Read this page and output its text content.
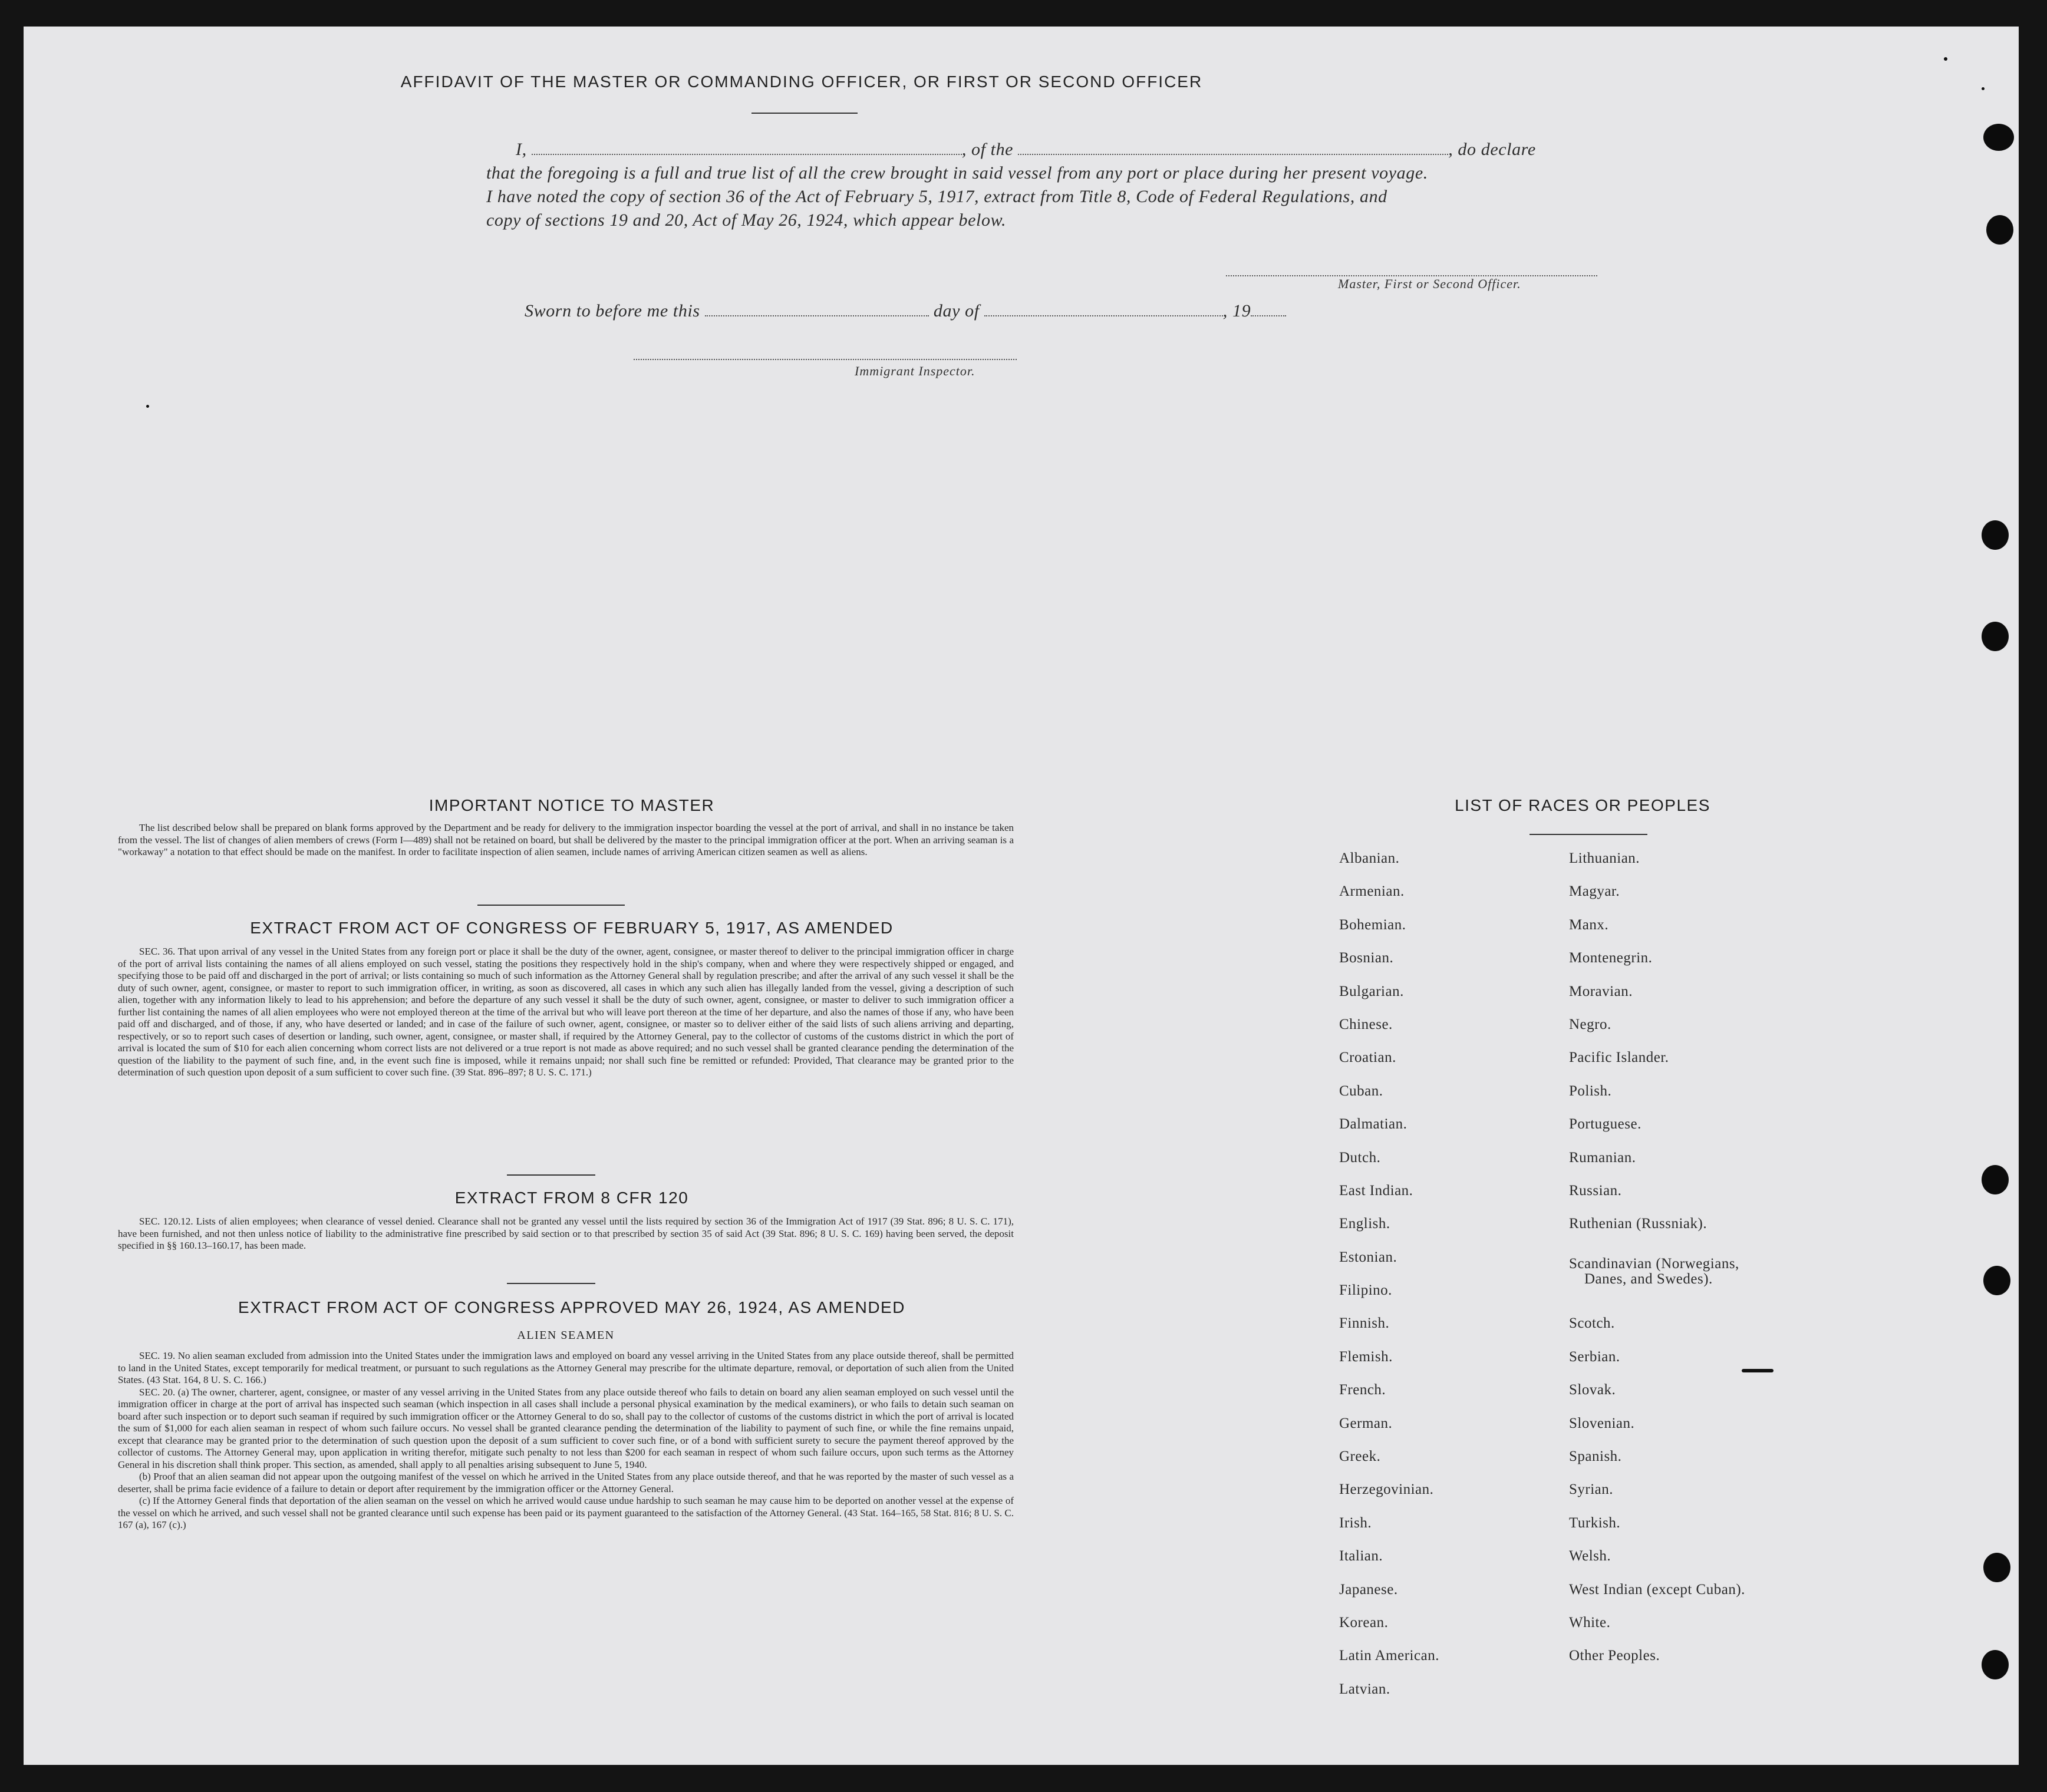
AFFIDAVIT OF THE MASTER OR COMMANDING OFFICER, OR FIRST OR SECOND OFFICER
I,	, of the	, do declare
that the foregoing is a full and true list of all the crew brought in said vessel from any port or place during her present voyage.
I have noted the copy of section 36 of the Act of February 5, 1917, extract from Title 8, Code of Federal Regulations, and
copy of sections 19 and 20, Act of May 26, 1924, which appear below.
Master, First or Second Officer.
Sworn to before me this	day of	, 19
Immigrant Inspector.
IMPORTANT NOTICE TO MASTER

The list described below shall be prepared on blank forms approved by the Department and be ready for delivery to the immigration inspector boarding the vessel at the port of arrival, and shall in no instance be taken from the vessel. The list of changes of alien members of crews (Form I—489) shall not be retained on board, but shall be delivered by the master to the principal immigration officer at the port. When an arriving seaman is a "workaway" a notation to that effect should be made on the manifest. In order to facilitate inspection of alien seamen, include names of arriving American citizen seamen as well as aliens.

EXTRACT FROM ACT OF CONGRESS OF FEBRUARY 5, 1917, AS AMENDED

SEC. 36. That upon arrival of any vessel in the United States from any foreign port or place it shall be the duty of the owner, agent, consignee, or master thereof to deliver to the principal immigration officer in charge of the port of arrival lists containing the names of all aliens employed on such vessel, stating the positions they respectively hold in the ship's company, when and where they were respectively shipped or engaged, and specifying those to be paid off and discharged in the port of arrival; or lists containing so much of such information as the Attorney General shall by regulation prescribe; and after the arrival of any such vessel it shall be the duty of such owner, agent, consignee, or master to report to such immigration officer, in writing, as soon as discovered, all cases in which any such alien has illegally landed from the vessel, giving a description of such alien, together with any information likely to lead to his apprehension; and before the departure of any such vessel it shall be the duty of such owner, agent, consignee, or master to deliver to such immigration officer a further list containing the names of all alien employees who were not employed thereon at the time of the arrival but who will leave port thereon at the time of her departure, and also the names of those if any, who have been paid off and discharged, and of those, if any, who have deserted or landed; and in case of the failure of such owner, agent, consignee, or master so to deliver either of the said lists of such aliens arriving and departing, respectively, or so to report such cases of desertion or landing, such owner, agent, consignee, or master shall, if required by the Attorney General, pay to the collector of customs of the customs district in which the port of arrival is located the sum of $10 for each alien concerning whom correct lists are not delivered or a true report is not made as above required; and no such vessel shall be granted clearance pending the determination of the question of the liability to the payment of such fine, and, in the event such fine is imposed, while it remains unpaid; nor shall such fine be remitted or refunded: Provided, That clearance may be granted prior to the determination of such question upon deposit of a sum sufficient to cover such fine. (39 Stat. 896–897; 8 U. S. C. 171.)

EXTRACT FROM 8 CFR 120

SEC. 120.12. Lists of alien employees; when clearance of vessel denied. Clearance shall not be granted any vessel until the lists required by section 36 of the Immigration Act of 1917 (39 Stat. 896; 8 U. S. C. 171), have been furnished, and not then unless notice of liability to the administrative fine prescribed by said section or to that prescribed by section 35 of said Act (39 Stat. 896; 8 U. S. C. 169) having been served, the deposit specified in §§ 160.13–160.17, has been made.

EXTRACT FROM ACT OF CONGRESS APPROVED MAY 26, 1924, AS AMENDED
ALIEN SEAMEN

SEC. 19. No alien seaman excluded from admission into the United States under the immigration laws and employed on board any vessel arriving in the United States from any place outside thereof, shall be permitted to land in the United States, except temporarily for medical treatment, or pursuant to such regulations as the Attorney General may prescribe for the ultimate departure, removal, or deportation of such alien from the United States. (43 Stat. 164, 8 U. S. C. 166.)

SEC. 20. (a) The owner, charterer, agent, consignee, or master of any vessel arriving in the United States from any place outside thereof who fails to detain on board any alien seaman employed on such vessel until the immigration officer in charge at the port of arrival has inspected such seaman (which inspection in all cases shall include a personal physical examination by the medical examiners), or who fails to detain such seaman on board after such inspection or to deport such seaman if required by such immigration officer or the Attorney General to do so, shall pay to the collector of customs of the customs district in which the port of arrival is located the sum of $1,000 for each alien seaman in respect of whom such failure occurs. No vessel shall be granted clearance pending the determination of the liability to payment of such fine, or while the fine remains unpaid, except that clearance may be granted prior to the determination of such question upon the deposit of a sum sufficient to cover such fine, or of a bond with sufficient surety to secure the payment thereof approved by the collector of customs. The Attorney General may, upon application in writing therefor, mitigate such penalty to not less than $200 for each seaman in respect of whom such failure occurs, upon such terms as the Attorney General in his discretion shall think proper. This section, as amended, shall apply to all penalties arising subsequent to June 5, 1940.

(b) Proof that an alien seaman did not appear upon the outgoing manifest of the vessel on which he arrived in the United States from any place outside thereof, and that he was reported by the master of such vessel as a deserter, shall be prima facie evidence of a failure to detain or deport after requirement by the immigration officer or the Attorney General.

(c) If the Attorney General finds that deportation of the alien seaman on the vessel on which he arrived would cause undue hardship to such seaman he may cause him to be deported on another vessel at the expense of the vessel on which he arrived, and such vessel shall not be granted clearance until such expense has been paid or its payment guaranteed to the satisfaction of the Attorney General. (43 Stat. 164–165, 58 Stat. 816; 8 U. S. C. 167 (a), 167 (c).)

LIST OF RACES OR PEOPLES
Albanian.
Armenian.
Bohemian.
Bosnian.
Bulgarian.
Chinese.
Croatian.
Cuban.
Dalmatian.
Dutch.
East Indian.
English.
Estonian.
Filipino.
Finnish.
Flemish.
French.
German.
Greek.
Herzegovinian.
Irish.
Italian.
Japanese.
Korean.
Latin American.
Latvian.
Lithuanian.
Magyar.
Manx.
Montenegrin.
Moravian.
Negro.
Pacific Islander.
Polish.
Portuguese.
Rumanian.
Russian.
Ruthenian (Russniak).
Scandinavian (Norwegians,
Danes, and Swedes).
Scotch.
Serbian.
Slovak.
Slovenian.
Spanish.
Syrian.
Turkish.
Welsh.
West Indian (except Cuban).
White.
Other Peoples.
